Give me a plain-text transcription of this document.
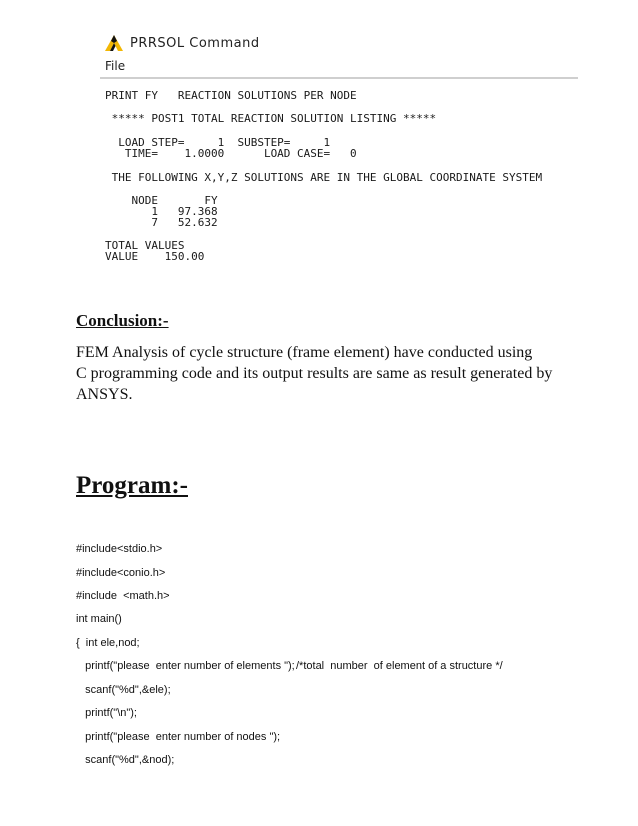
PRRSOL Command
File

PRINT FY   REACTION SOLUTIONS PER NODE

***** POST1 TOTAL REACTION SOLUTION LISTING *****

LOAD STEP=     1  SUBSTEP=     1

TIME=    1.0000      LOAD CASE=   0

THE FOLLOWING X,Y,Z SOLUTIONS ARE IN THE GLOBAL COORDINATE SYSTEM

NODE       FY

1   97.368

7   52.632

TOTAL VALUES

VALUE    150.00

Conclusion:-
FEM Analysis of cycle structure (frame element) have conducted using
C programming code and its output results are same as result generated by
ANSYS.
Program:-
#include<stdio.h>
#include<conio.h>
#include  <math.h>
int main()
{  int ele,nod;
printf("please  enter number of elements "); /*total  number  of element of a structure */
scanf("%d",&ele);
printf("\n");
printf("please  enter number of nodes ");
scanf("%d",&nod);
